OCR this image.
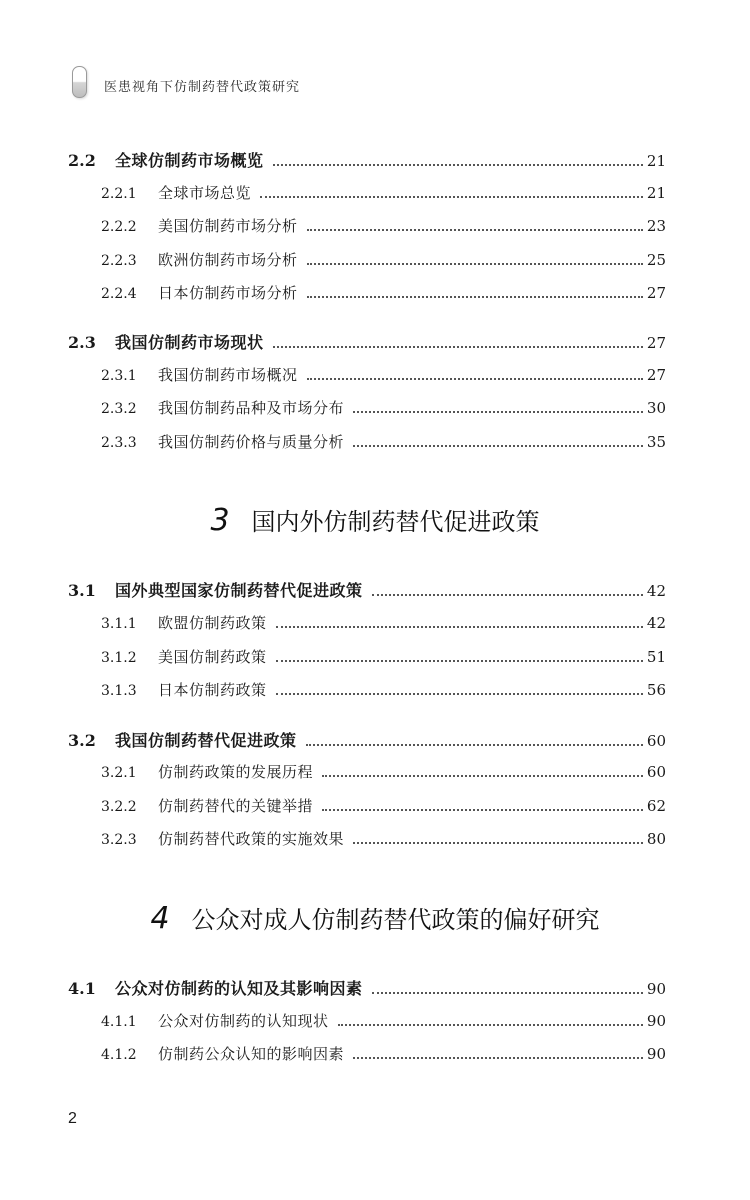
医患视角下仿制药替代政策研究
2.2	全球仿制药市场概览	21
2.2.1	全球市场总览	21
2.2.2	美国仿制药市场分析	23
2.2.3	欧洲仿制药市场分析	25
2.2.4	日本仿制药市场分析	27
2.3	我国仿制药市场现状	27
2.3.1	我国仿制药市场概况	27
2.3.2	我国仿制药品种及市场分布	30
2.3.3	我国仿制药价格与质量分析	35
3 国内外仿制药替代促进政策
3.1	国外典型国家仿制药替代促进政策	42
3.1.1	欧盟仿制药政策	42
3.1.2	美国仿制药政策	51
3.1.3	日本仿制药政策	56
3.2	我国仿制药替代促进政策	60
3.2.1	仿制药政策的发展历程	60
3.2.2	仿制药替代的关键举措	62
3.2.3	仿制药替代政策的实施效果	80
4 公众对成人仿制药替代政策的偏好研究
4.1	公众对仿制药的认知及其影响因素	90
4.1.1	公众对仿制药的认知现状	90
4.1.2	仿制药公众认知的影响因素	90
2
